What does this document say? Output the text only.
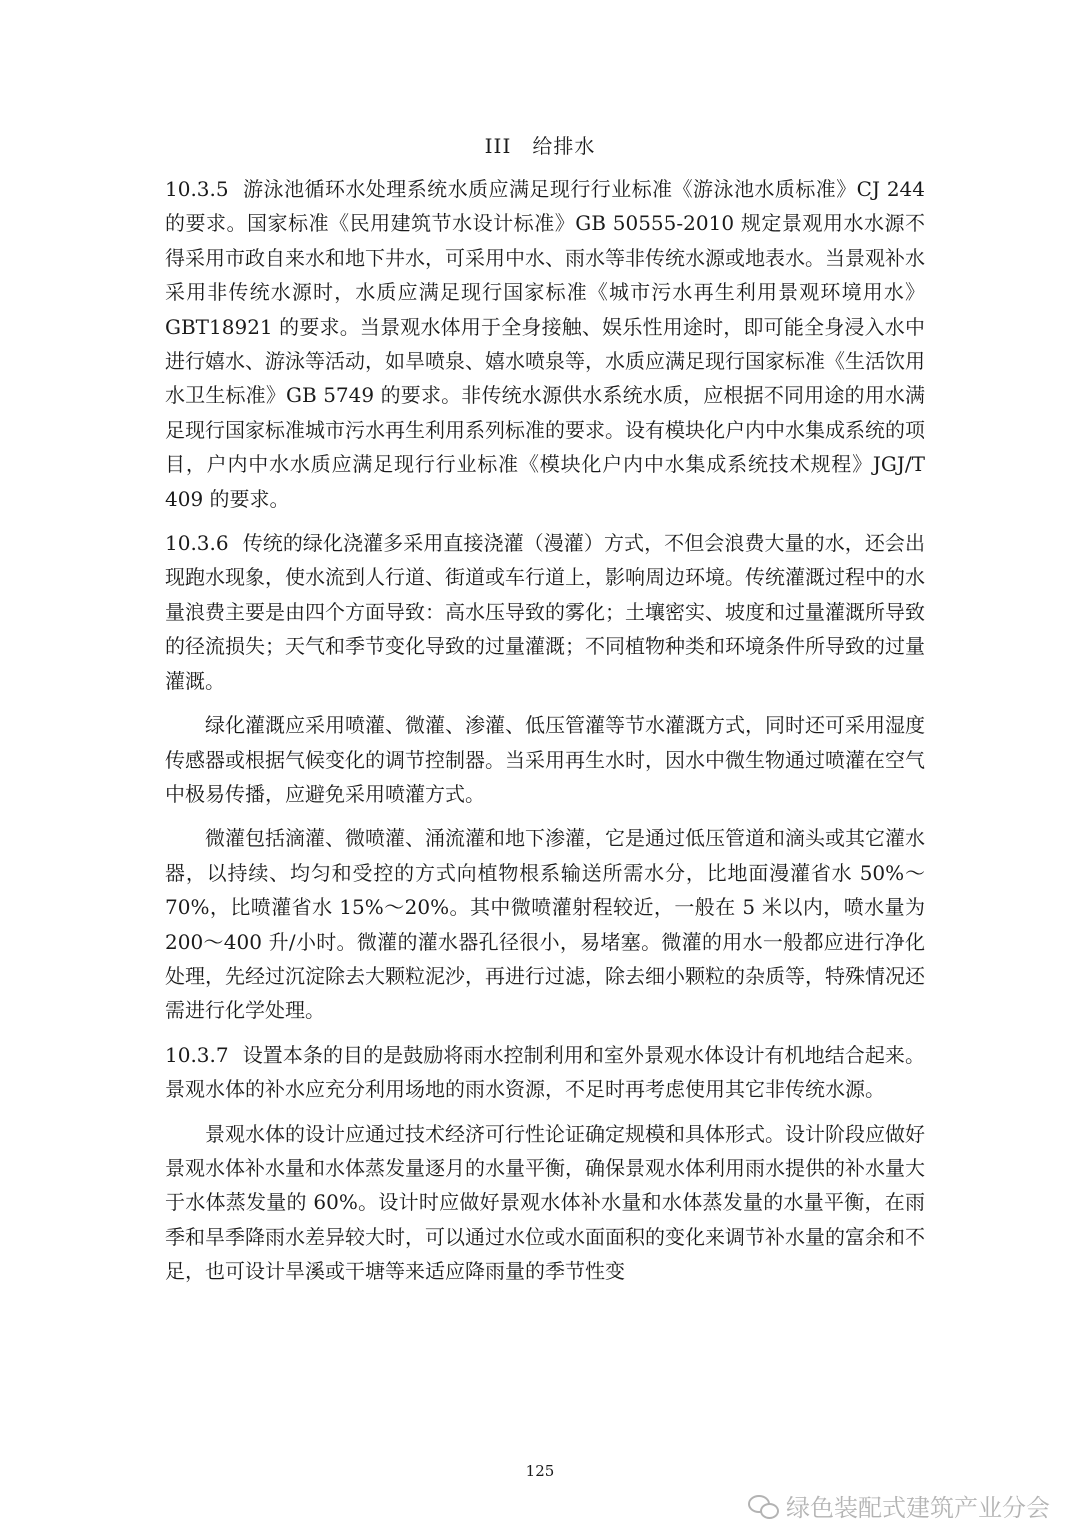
III　给排水

10.3.5 游泳池循环水处理系统水质应满足现行行业标准《游泳池水质标准》CJ 244 的要求。国家标准《民用建筑节水设计标准》GB 50555-2010 规定景观用水水源不得采用市政自来水和地下井水，可采用中水、雨水等非传统水源或地表水。当景观补水采用非传统水源时，水质应满足现行国家标准《城市污水再生利用景观环境用水》 GBT18921 的要求。当景观水体用于全身接触、娱乐性用途时，即可能全身浸入水中进行嬉水、游泳等活动，如旱喷泉、嬉水喷泉等，水质应满足现行国家标准《生活饮用水卫生标准》GB 5749 的要求。非传统水源供水系统水质，应根据不同用途的用水满足现行国家标准城市污水再生利用系列标准的要求。设有模块化户内中水集成系统的项目，户内中水水质应满足现行行业标准《模块化户内中水集成系统技术规程》JGJ/T 409 的要求。

10.3.6 传统的绿化浇灌多采用直接浇灌（漫灌）方式，不但会浪费大量的水，还会出现跑水现象，使水流到人行道、街道或车行道上，影响周边环境。传统灌溉过程中的水量浪费主要是由四个方面导致：高水压导致的雾化；土壤密实、坡度和过量灌溉所导致的径流损失；天气和季节变化导致的过量灌溉；不同植物种类和环境条件所导致的过量灌溉。

绿化灌溉应采用喷灌、微灌、渗灌、低压管灌等节水灌溉方式，同时还可采用湿度传感器或根据气候变化的调节控制器。当采用再生水时，因水中微生物通过喷灌在空气中极易传播，应避免采用喷灌方式。

微灌包括滴灌、微喷灌、涌流灌和地下渗灌，它是通过低压管道和滴头或其它灌水器，以持续、均匀和受控的方式向植物根系输送所需水分，比地面漫灌省水 50%～70%，比喷灌省水 15%～20%。其中微喷灌射程较近，一般在 5 米以内，喷水量为 200～400 升/小时。微灌的灌水器孔径很小，易堵塞。微灌的用水一般都应进行净化处理，先经过沉淀除去大颗粒泥沙，再进行过滤，除去细小颗粒的杂质等，特殊情况还需进行化学处理。

10.3.7 设置本条的目的是鼓励将雨水控制利用和室外景观水体设计有机地结合起来。景观水体的补水应充分利用场地的雨水资源，不足时再考虑使用其它非传统水源。

景观水体的设计应通过技术经济可行性论证确定规模和具体形式。设计阶段应做好景观水体补水量和水体蒸发量逐月的水量平衡，确保景观水体利用雨水提供的补水量大于水体蒸发量的 60%。设计时应做好景观水体补水量和水体蒸发量的水量平衡，在雨季和旱季降雨水差异较大时，可以通过水位或水面面积的变化来调节补水量的富余和不足，也可设计旱溪或干塘等来适应降雨量的季节性变

125
绿色装配式建筑产业分会
